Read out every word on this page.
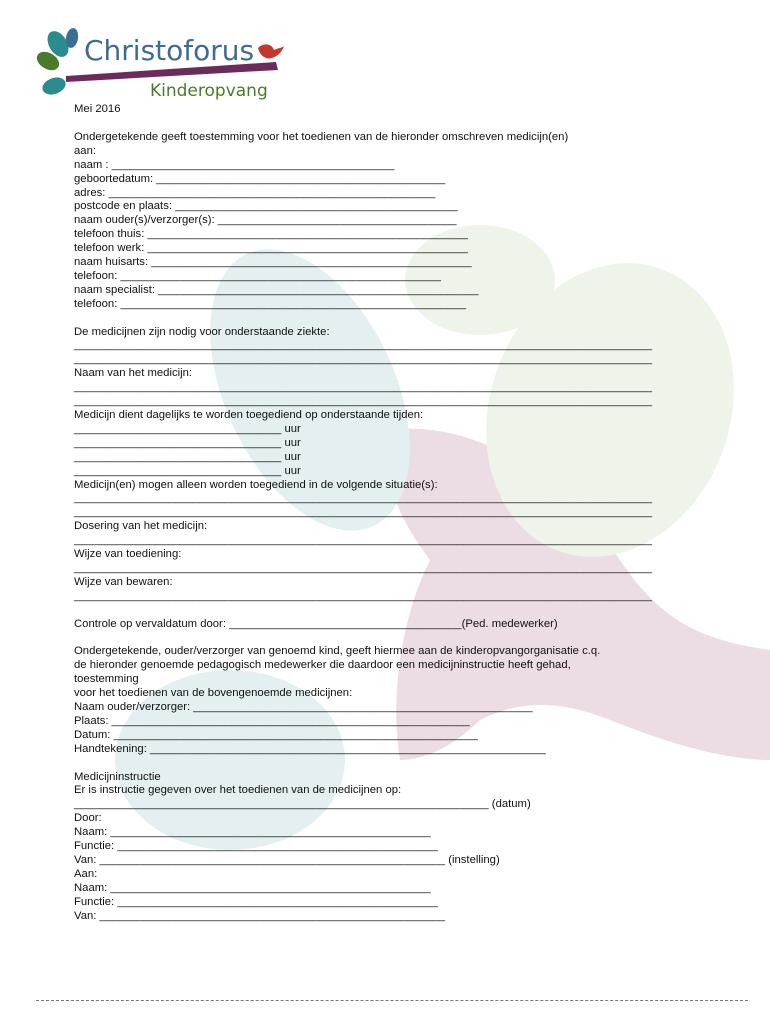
Christoforus
Kinderopvang
Mei 2016
Ondergetekende geeft toestemming voor het toedienen van de hieronder omschreven medicijn(en)
aan:
naam : _____________________________________________
geboortedatum: ______________________________________________
adres: ____________________________________________________
postcode en plaats: _____________________________________________
naam ouder(s)/verzorger(s): ______________________________________
telefoon thuis: ___________________________________________________
telefoon werk: ___________________________________________________
naam huisarts: ___________________________________________________
telefoon: ___________________________________________________
naam specialist: ___________________________________________________
telefoon: _______________________________________________________
De medicijnen zijn nodig voor onderstaande ziekte:
____________________________________________________________________________________________
____________________________________________________________________________________________
Naam van het medicijn:
____________________________________________________________________________________________
____________________________________________________________________________________________
Medicijn dient dagelijks te worden toegediend op onderstaande tijden:
_________________________________ uur
_________________________________ uur
_________________________________ uur
_________________________________ uur
Medicijn(en) mogen alleen worden toegediend in de volgende situatie(s):
____________________________________________________________________________________________
____________________________________________________________________________________________
Dosering van het medicijn:
____________________________________________________________________________________________
Wijze van toediening:
____________________________________________________________________________________________
Wijze van bewaren:
____________________________________________________________________________________________
Controle op vervaldatum door: _____________________________________(Ped. medewerker)
Ondergetekende, ouder/verzorger van genoemd kind, geeft hiermee aan de kinderopvangorganisatie c.q.
de hieronder genoemde pedagogisch medewerker die daardoor een medicijninstructie heeft gehad,
toestemming
voor het toedienen van de bovengenoemde medicijnen:
Naam ouder/verzorger: ______________________________________________________
Plaats: _________________________________________________________
Datum: __________________________________________________________
Handtekening: _______________________________________________________________
Medicijninstructie
Er is instructie gegeven over het toedienen van de medicijnen op:
__________________________________________________________________ (datum)
Door:
Naam: ___________________________________________________
Functie: ___________________________________________________
Van: _______________________________________________________ (instelling)
Aan:
Naam: ___________________________________________________
Functie: ___________________________________________________
Van: _______________________________________________________
